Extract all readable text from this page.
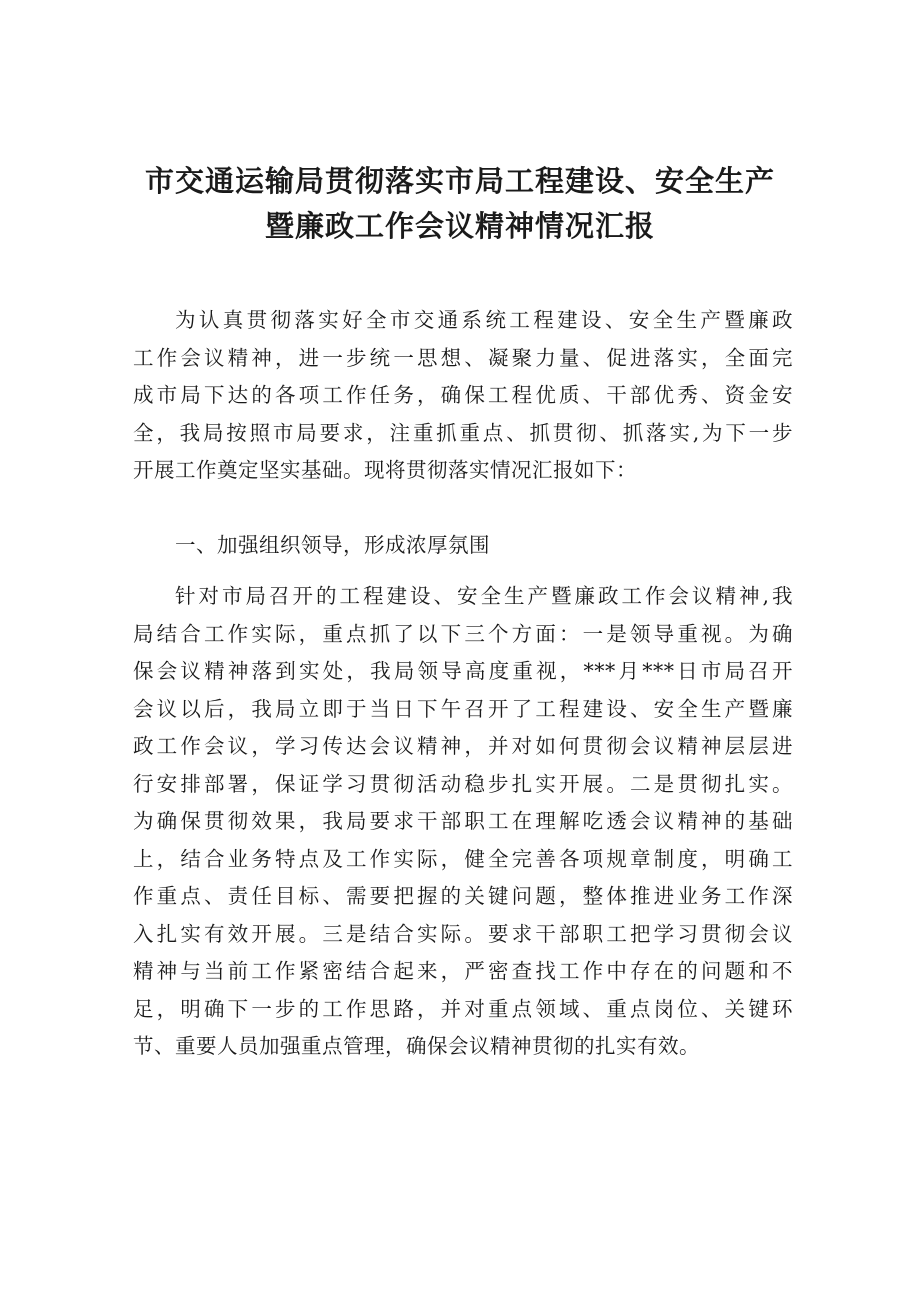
市交通运输局贯彻落实市局工程建设、安全生产
暨廉政工作会议精神情况汇报

为认真贯彻落实好全市交通系统工程建设、安全生产暨廉政
工作会议精神，进一步统一思想、凝聚力量、促进落实，全面完
成市局下达的各项工作任务，确保工程优质、干部优秀、资金安
全，我局按照市局要求，注重抓重点、抓贯彻、抓落实,为下一步
开展工作奠定坚实基础。现将贯彻落实情况汇报如下：

一、加强组织领导，形成浓厚氛围

针对市局召开的工程建设、安全生产暨廉政工作会议精神,我
局结合工作实际，重点抓了以下三个方面：一是领导重视。为确
保会议精神落到实处，我局领导高度重视，***月***日市局召开
会议以后，我局立即于当日下午召开了工程建设、安全生产暨廉
政工作会议，学习传达会议精神，并对如何贯彻会议精神层层进
行安排部署，保证学习贯彻活动稳步扎实开展。二是贯彻扎实。
为确保贯彻效果，我局要求干部职工在理解吃透会议精神的基础
上，结合业务特点及工作实际，健全完善各项规章制度，明确工
作重点、责任目标、需要把握的关键问题，整体推进业务工作深
入扎实有效开展。三是结合实际。要求干部职工把学习贯彻会议
精神与当前工作紧密结合起来，严密查找工作中存在的问题和不
足，明确下一步的工作思路，并对重点领域、重点岗位、关键环
节、重要人员加强重点管理，确保会议精神贯彻的扎实有效。
